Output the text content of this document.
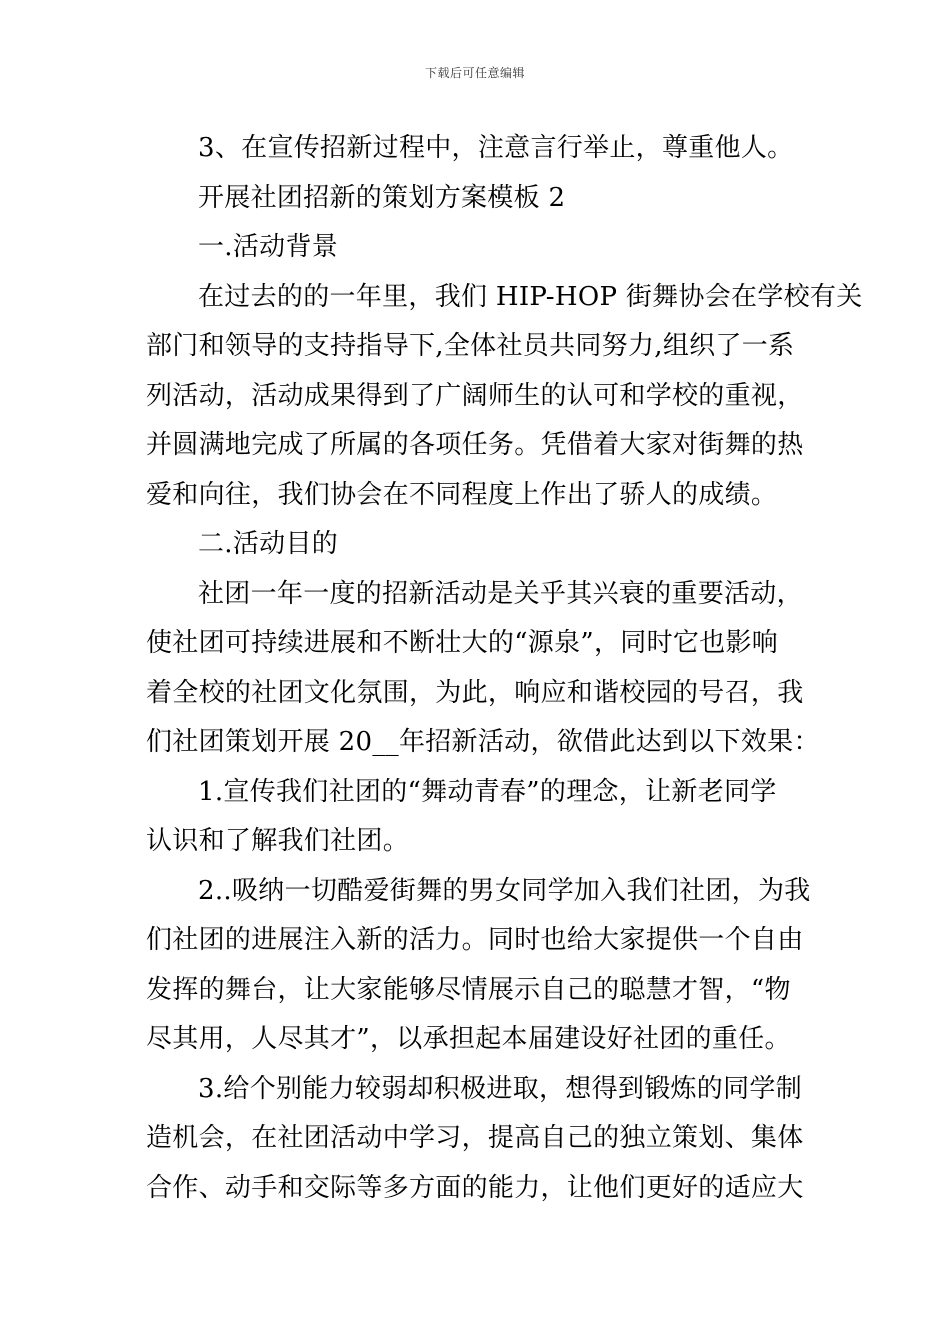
下载后可任意编辑
3、在宣传招新过程中，注意言行举止，尊重他人。
开展社团招新的策划方案模板 2
一.活动背景
在过去的的一年里，我们 HIP-HOP 街舞协会在学校有关
部门和领导的支持指导下,全体社员共同努力,组织了一系
列活动，活动成果得到了广阔师生的认可和学校的重视，
并圆满地完成了所属的各项任务。凭借着大家对街舞的热
爱和向往，我们协会在不同程度上作出了骄人的成绩。
二.活动目的
社团一年一度的招新活动是关乎其兴衰的重要活动，
使社团可持续进展和不断壮大的“源泉”，同时它也影响
着全校的社团文化氛围，为此，响应和谐校园的号召，我
们社团策划开展 20__年招新活动，欲借此达到以下效果：
1.宣传我们社团的“舞动青春”的理念，让新老同学
认识和了解我们社团。
2..吸纳一切酷爱街舞的男女同学加入我们社团，为我
们社团的进展注入新的活力。同时也给大家提供一个自由
发挥的舞台，让大家能够尽情展示自己的聪慧才智，“物
尽其用，人尽其才”，以承担起本届建设好社团的重任。
3.给个别能力较弱却积极进取，想得到锻炼的同学制
造机会，在社团活动中学习，提高自己的独立策划、集体
合作、动手和交际等多方面的能力，让他们更好的适应大
